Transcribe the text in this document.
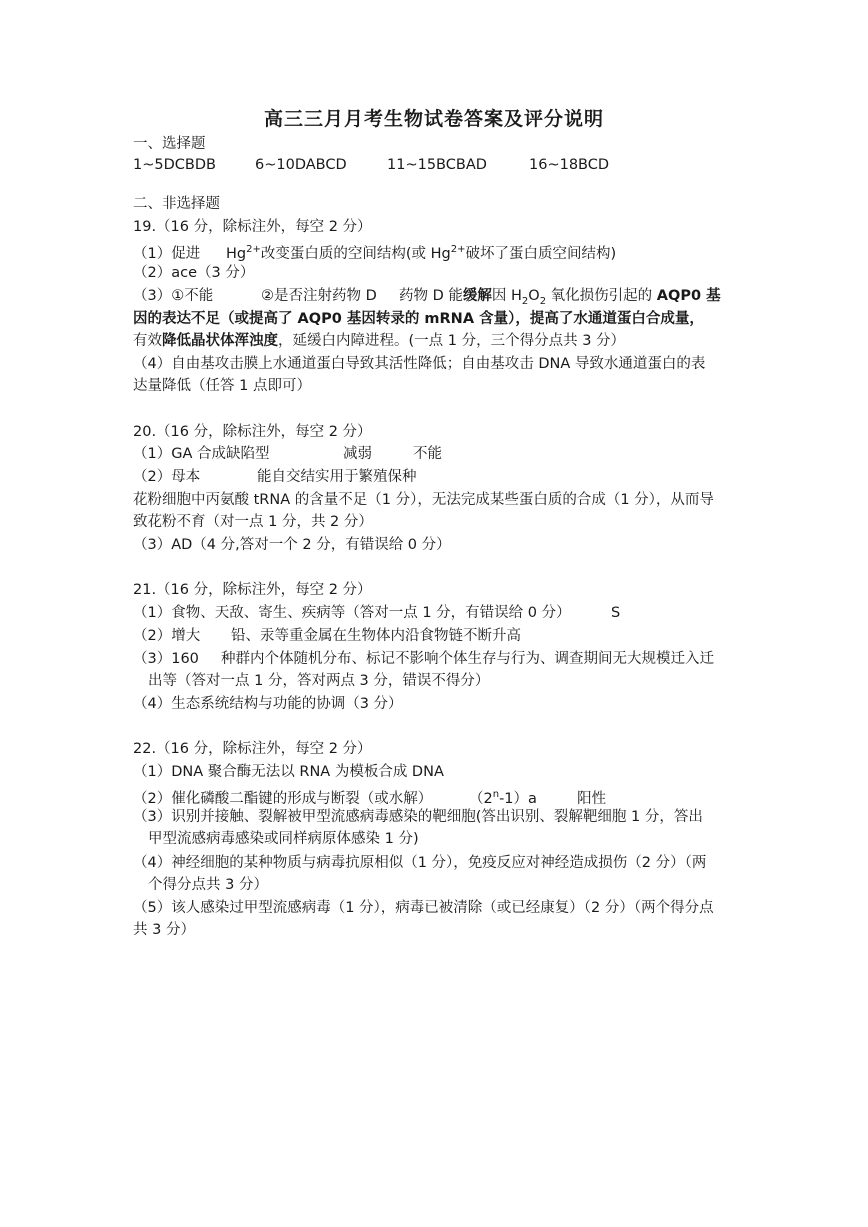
高三三月月考生物试卷答案及评分说明
一、选择题
1~5DCBDB	6~10DABCD	11~15BCBAD	16~18BCD
二、非选择题
19.（16 分，除标注外，每空 2 分）
（1）促进 $Hg^{2+}$改变蛋白质的空间结构(或 $Hg^{2+}$破坏了蛋白质空间结构)
（2）ace（3 分）
（3）①不能	②是否注射药物 D 药物 D 能缓解因 $H_2O_2$ 氧化损伤引起的 AQP0 基
因的表达不足（或提高了 AQP0 基因转录的 mRNA 含量），提高了水通道蛋白合成量，
有效降低晶状体浑浊度，延缓白内障进程。(一点 1 分，三个得分点共 3 分）
（4）自由基攻击膜上水通道蛋白导致其活性降低；自由基攻击 DNA 导致水通道蛋白的表
达量降低（任答 1 点即可）
20.（16 分，除标注外，每空 2 分）
（1）GA 合成缺陷型	减弱	不能
（2）母本	能自交结实用于繁殖保种
花粉细胞中丙氨酸 tRNA 的含量不足（1 分），无法完成某些蛋白质的合成（1 分），从而导
致花粉不育（对一点 1 分，共 2 分）
（3）AD（4 分,答对一个 2 分，有错误给 0 分）
21.（16 分，除标注外，每空 2 分）
（1）食物、天敌、寄生、疾病等（答对一点 1 分，有错误给 0 分）	S
（2）增大 铅、汞等重金属在生物体内沿食物链不断升高
（3）160 种群内个体随机分布、标记不影响个体生存与行为、调查期间无大规模迁入迁
出等（答对一点 1 分，答对两点 3 分，错误不得分）
（4）生态系统结构与功能的协调（3 分）
22.（16 分，除标注外，每空 2 分）
（1）DNA 聚合酶无法以 RNA 为模板合成 DNA
（2）催化磷酸二酯键的形成与断裂（或水解）	（2$^n$-1）a	阳性
（3）识别并接触、裂解被甲型流感病毒感染的靶细胞(答出识别、裂解靶细胞 1 分，答出
甲型流感病毒感染或同样病原体感染 1 分)
（4）神经细胞的某种物质与病毒抗原相似（1 分），免疫反应对神经造成损伤（2 分）（两
个得分点共 3 分）
（5）该人感染过甲型流感病毒（1 分），病毒已被清除（或已经康复）（2 分）（两个得分点
共 3 分）
